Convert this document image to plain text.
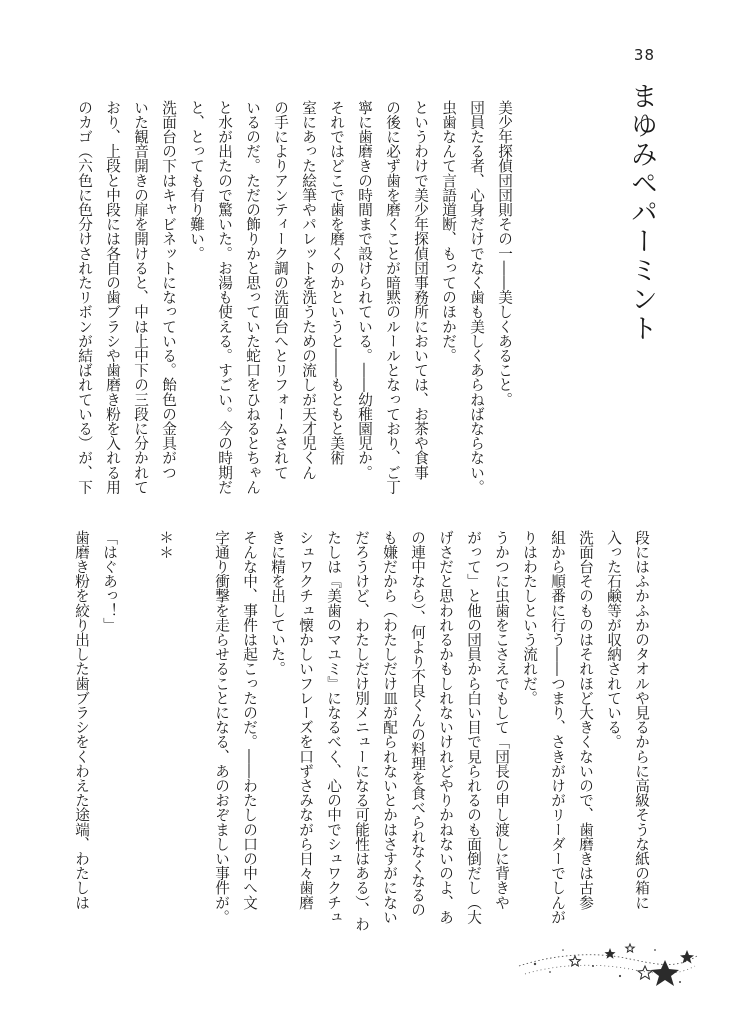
38
まゆみペパーミント
美少年探偵団団則その一――美しくあること。
団員たる者、心身だけでなく歯も美しくあらねばならない。
虫歯なんて言語道断、もってのほかだ。
というわけで美少年探偵団事務所においては、お茶や食事
の後に必ず歯を磨くことが暗黙のルールとなっており、ご丁
寧に歯磨きの時間まで設けられている。――幼稚園児か。
それではどこで歯を磨くのかというと――もともと美術
室にあった絵筆やパレットを洗うための流しが天才児くん
の手によりアンティーク調の洗面台へとリフォームされて
いるのだ。ただの飾りかと思っていた蛇口をひねるとちゃん
と水が出たので驚いた。お湯も使える。すごい。今の時期だ
と、とっても有り難い。
洗面台の下はキャビネットになっている。飴色の金具がつ
いた観音開きの扉を開けると、中は上中下の三段に分かれて
おり、上段と中段には各自の歯ブラシや歯磨き粉を入れる用
のカゴ（六色に色分けされたリボンが結ばれている）が、下
段にはふかふかのタオルや見るからに高級そうな紙の箱に
入った石鹸等が収納されている。
洗面台そのものはそれほど大きくないので、歯磨きは古参
組から順番に行う――つまり、さきがけがリーダーでしんが
りはわたしという流れだ。
うかつに虫歯をこさえでもして「団長の申し渡しに背きや
がって」と他の団員から白い目で見られるのも面倒だし（大
げさだと思われるかもしれないけれどやりかねないのよ、あ
の連中なら）、何より不良くんの料理を食べられなくなるの
も嫌だから（わたしだけ皿が配られないとかはさすがにない
だろうけど、わたしだけ別メニューになる可能性はある）、わ
たしは『美歯のマユミ』になるべく、心の中でシュワクチュ
シュワクチュ懐かしいフレーズを口ずさみながら日々歯磨
きに精を出していた。
そんな中、事件は起こったのだ。――わたしの口の中へ文
字通り衝撃を走らせることになる、あのおぞましい事件が。

＊＊

「はぐあっ！」
歯磨き粉を絞り出した歯ブラシをくわえた途端、わたしは
